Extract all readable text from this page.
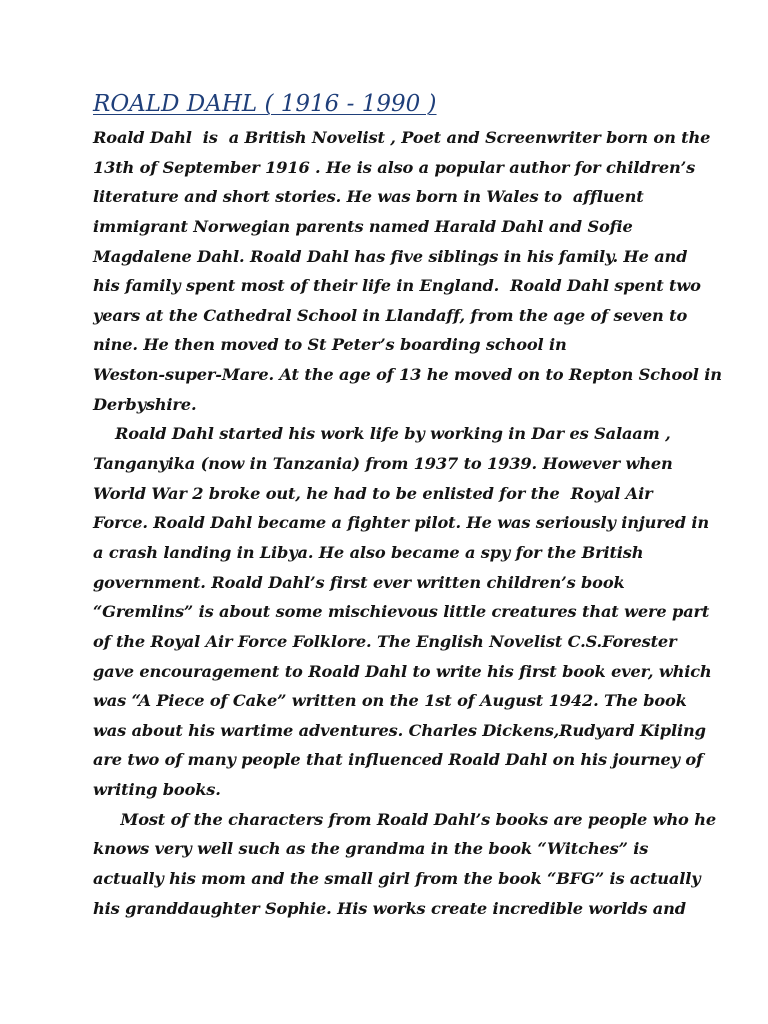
ROALD DAHL ( 1916 - 1990 )
Roald Dahl  is  a British Novelist , Poet and Screenwriter born on the
13th of September 1916 . He is also a popular author for children’s
literature and short stories. He was born in Wales to  affluent
immigrant Norwegian parents named Harald Dahl and Sofie
Magdalene Dahl. Roald Dahl has five siblings in his family. He and
his family spent most of their life in England.  Roald Dahl spent two
years at the Cathedral School in Llandaff, from the age of seven to
nine. He then moved to St Peter’s boarding school in
Weston-super-Mare. At the age of 13 he moved on to Repton School in
Derbyshire.
Roald Dahl started his work life by working in Dar es Salaam ,
Tanganyika (now in Tanzania) from 1937 to 1939. However when
World War 2 broke out, he had to be enlisted for the  Royal Air
Force. Roald Dahl became a fighter pilot. He was seriously injured in
a crash landing in Libya. He also became a spy for the British
government. Roald Dahl’s first ever written children’s book
“Gremlins” is about some mischievous little creatures that were part
of the Royal Air Force Folklore. The English Novelist C.S.Forester
gave encouragement to Roald Dahl to write his first book ever, which
was “A Piece of Cake” written on the 1st of August 1942. The book
was about his wartime adventures. Charles Dickens,Rudyard Kipling
are two of many people that influenced Roald Dahl on his journey of
writing books.
Most of the characters from Roald Dahl’s books are people who he
knows very well such as the grandma in the book “Witches” is
actually his mom and the small girl from the book “BFG” is actually
his granddaughter Sophie. His works create incredible worlds and
